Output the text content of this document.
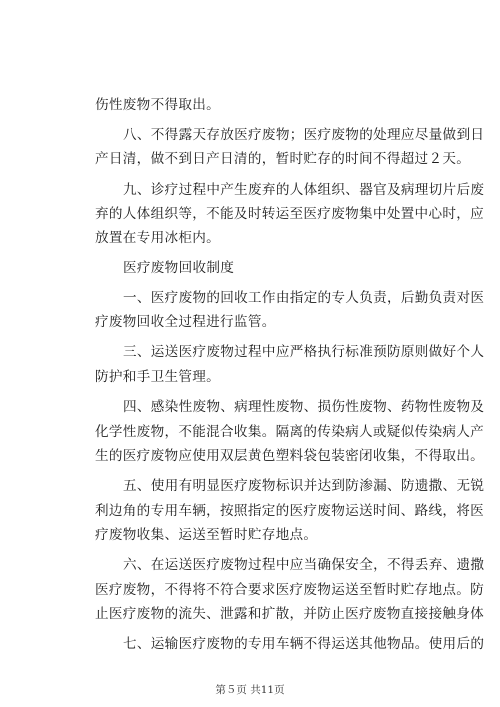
伤性废物不得取出。
八、不得露天存放医疗废物；医疗废物的处理应尽量做到日
产日清，做不到日产日清的，暂时贮存的时间不得超过２天。
九、诊疗过程中产生废弃的人体组织、器官及病理切片后废
弃的人体组织等，不能及时转运至医疗废物集中处置中心时，应
放置在专用冰柜内。
医疗废物回收制度
一、医疗废物的回收工作由指定的专人负责，后勤负责对医
疗废物回收全过程进行监管。
三、运送医疗废物过程中应严格执行标准预防原则做好个人
防护和手卫生管理。
四、感染性废物、病理性废物、损伤性废物、药物性废物及
化学性废物，不能混合收集。隔离的传染病人或疑似传染病人产
生的医疗废物应使用双层黄色塑料袋包装密闭收集，不得取出。
五、使用有明显医疗废物标识并达到防渗漏、防遗撒、无锐
利边角的专用车辆，按照指定的医疗废物运送时间、路线，将医
疗废物收集、运送至暂时贮存地点。
六、在运送医疗废物过程中应当确保安全，不得丢弃、遗撒
医疗废物，不得将不符合要求医疗废物运送至暂时贮存地点。防
止医疗废物的流失、泄露和扩散，并防止医疗废物直接接触身体
七、运输医疗废物的专用车辆不得运送其他物品。使用后的
第５页 共11页
